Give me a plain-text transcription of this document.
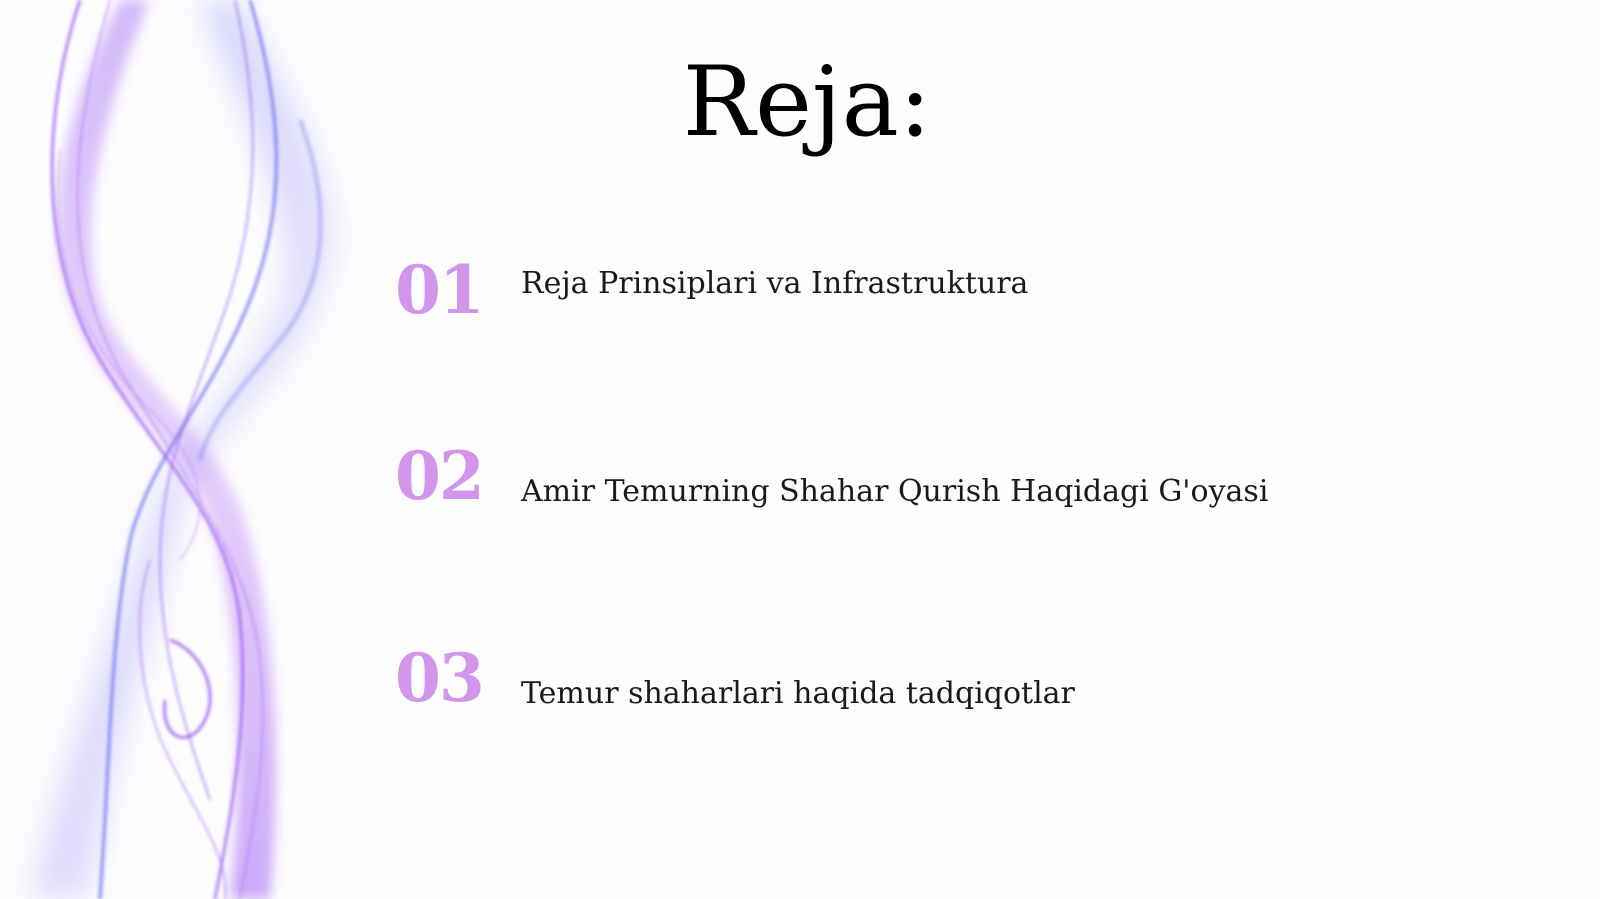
Reja:
01 Reja Prinsiplari va Infrastruktura
02 Amir Temurning Shahar Qurish Haqidagi G'oyasi
03 Temur shaharlari haqida tadqiqotlar
